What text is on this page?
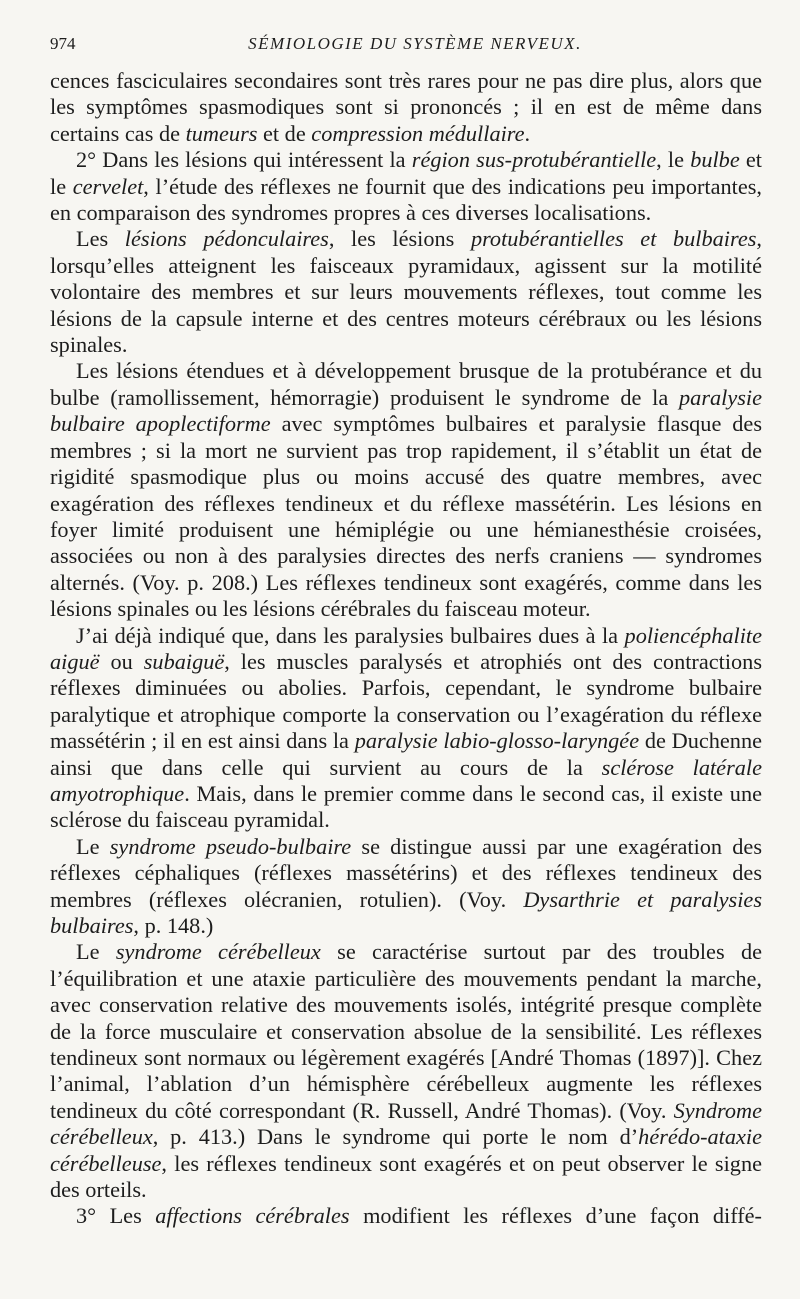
974	SÉMIOLOGIE DU SYSTÈME NERVEUX.

cences fasciculaires secondaires sont très rares pour ne pas dire plus, alors que les symptômes spasmodiques sont si prononcés ; il en est de même dans certains cas de tumeurs et de compression médullaire.

2° Dans les lésions qui intéressent la région sus-protubérantielle, le bulbe et le cervelet, l’étude des réflexes ne fournit que des indications peu importantes, en comparaison des syndromes propres à ces diverses localisations.

Les lésions pédonculaires, les lésions protubérantielles et bulbaires, lorsqu’elles atteignent les faisceaux pyramidaux, agissent sur la motilité volontaire des membres et sur leurs mouvements réflexes, tout comme les lésions de la capsule interne et des centres moteurs cérébraux ou les lésions spinales.

Les lésions étendues et à développement brusque de la protubérance et du bulbe (ramollissement, hémorragie) produisent le syndrome de la paralysie bulbaire apoplectiforme avec symptômes bulbaires et paralysie flasque des membres ; si la mort ne survient pas trop rapidement, il s’établit un état de rigidité spasmodique plus ou moins accusé des quatre membres, avec exagération des réflexes tendineux et du réflexe massétérin. Les lésions en foyer limité produisent une hémiplégie ou une hémianesthésie croisées, associées ou non à des paralysies directes des nerfs craniens — syndromes alternés. (Voy. p. 208.) Les réflexes tendineux sont exagérés, comme dans les lésions spinales ou les lésions cérébrales du faisceau moteur.

J’ai déjà indiqué que, dans les paralysies bulbaires dues à la poliencéphalite aiguë ou subaiguë, les muscles paralysés et atrophiés ont des contractions réflexes diminuées ou abolies. Parfois, cependant, le syndrome bulbaire paralytique et atrophique comporte la conservation ou l’exagération du réflexe massétérin ; il en est ainsi dans la paralysie labio-glosso-laryngée de Duchenne ainsi que dans celle qui survient au cours de la sclérose latérale amyotrophique. Mais, dans le premier comme dans le second cas, il existe une sclérose du faisceau pyramidal.

Le syndrome pseudo-bulbaire se distingue aussi par une exagération des réflexes céphaliques (réflexes massétérins) et des réflexes tendineux des membres (réflexes olécranien, rotulien). (Voy. Dysarthrie et paralysies bulbaires, p. 148.)

Le syndrome cérébelleux se caractérise surtout par des troubles de l’équilibration et une ataxie particulière des mouvements pendant la marche, avec conservation relative des mouvements isolés, intégrité presque complète de la force musculaire et conservation absolue de la sensibilité. Les réflexes tendineux sont normaux ou légèrement exagérés [André Thomas (1897)]. Chez l’animal, l’ablation d’un hémisphère cérébelleux augmente les réflexes tendineux du côté correspondant (R. Russell, André Thomas). (Voy. Syndrome cérébelleux, p. 413.) Dans le syndrome qui porte le nom d’hérédo-ataxie cérébelleuse, les réflexes tendineux sont exagérés et on peut observer le signe des orteils.

3° Les affections cérébrales modifient les réflexes d’une façon diffé-
